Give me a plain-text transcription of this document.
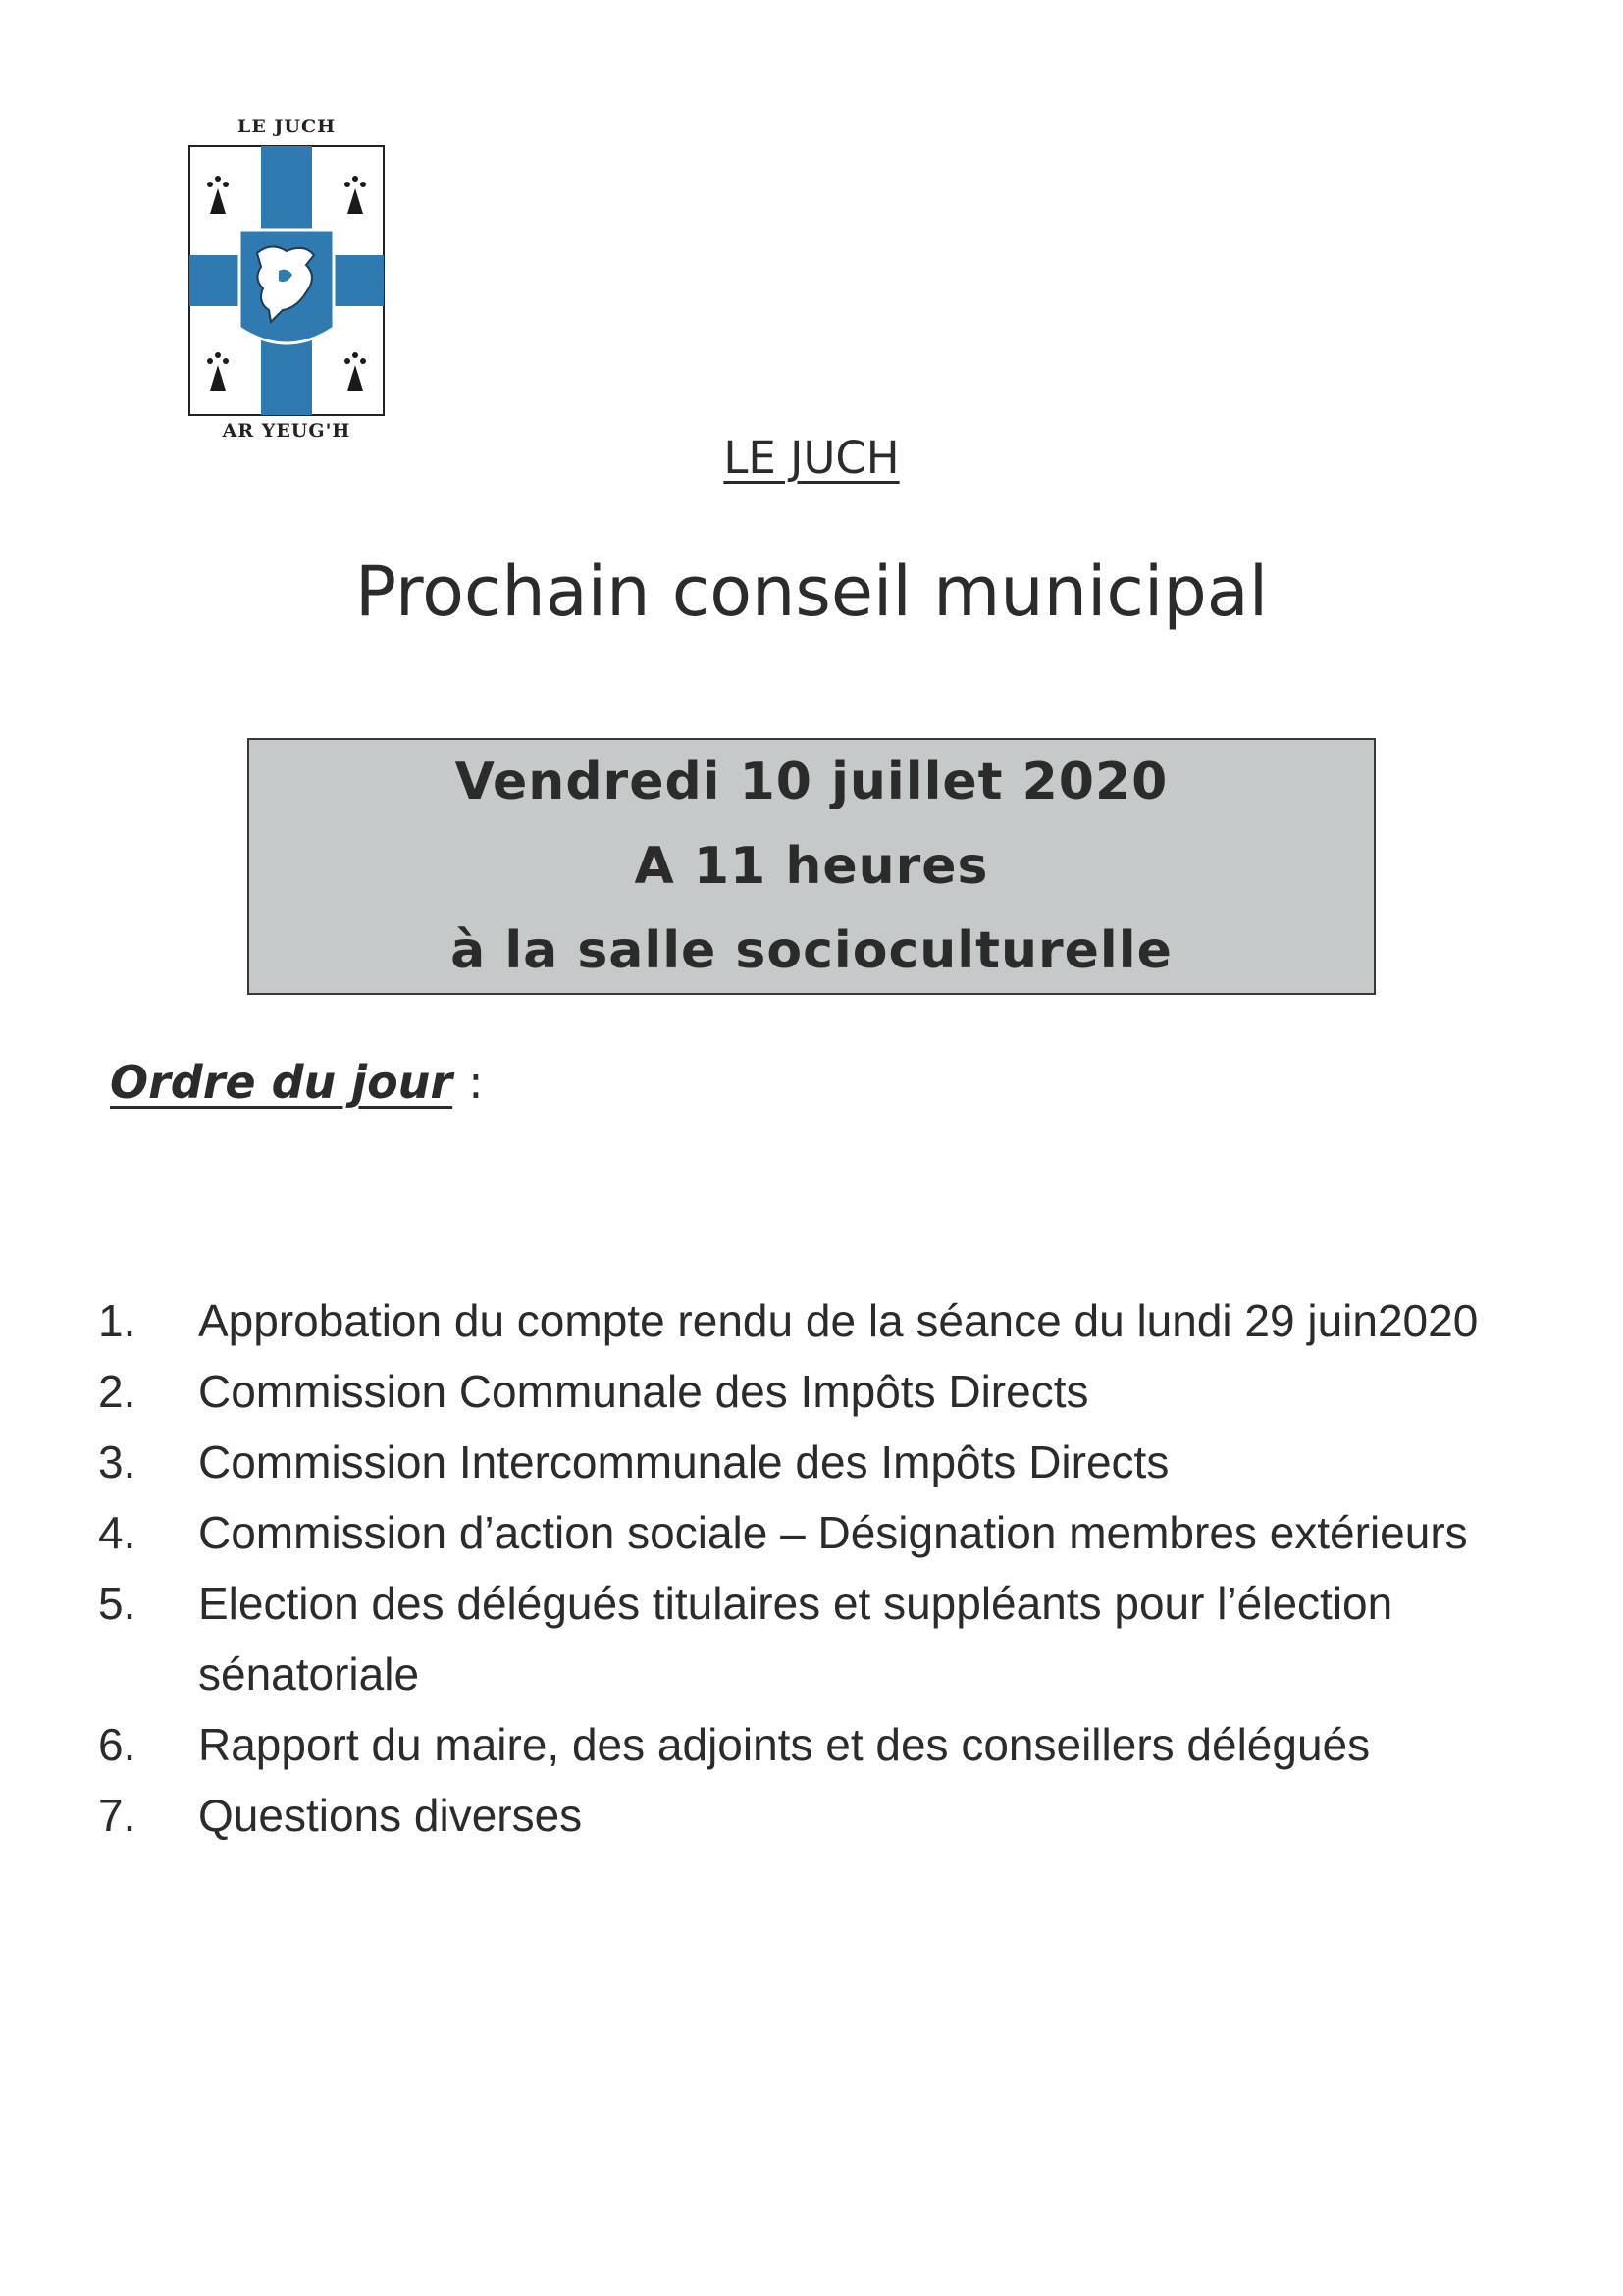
LE JUCH
AR YEUG'H
LE JUCH
Prochain conseil municipal
Vendredi 10 juillet 2020
A 11 heures
à la salle socioculturelle
Ordre du jour :
1.	Approbation du compte rendu de la séance du lundi 29 juin2020
2.	Commission Communale des Impôts Directs
3.	Commission Intercommunale des Impôts Directs
4.	Commission d’action sociale – Désignation membres extérieurs
5.	Election des délégués titulaires et suppléants pour l’élection sénatoriale
6.	Rapport du maire, des adjoints et des conseillers délégués
7.	Questions diverses
